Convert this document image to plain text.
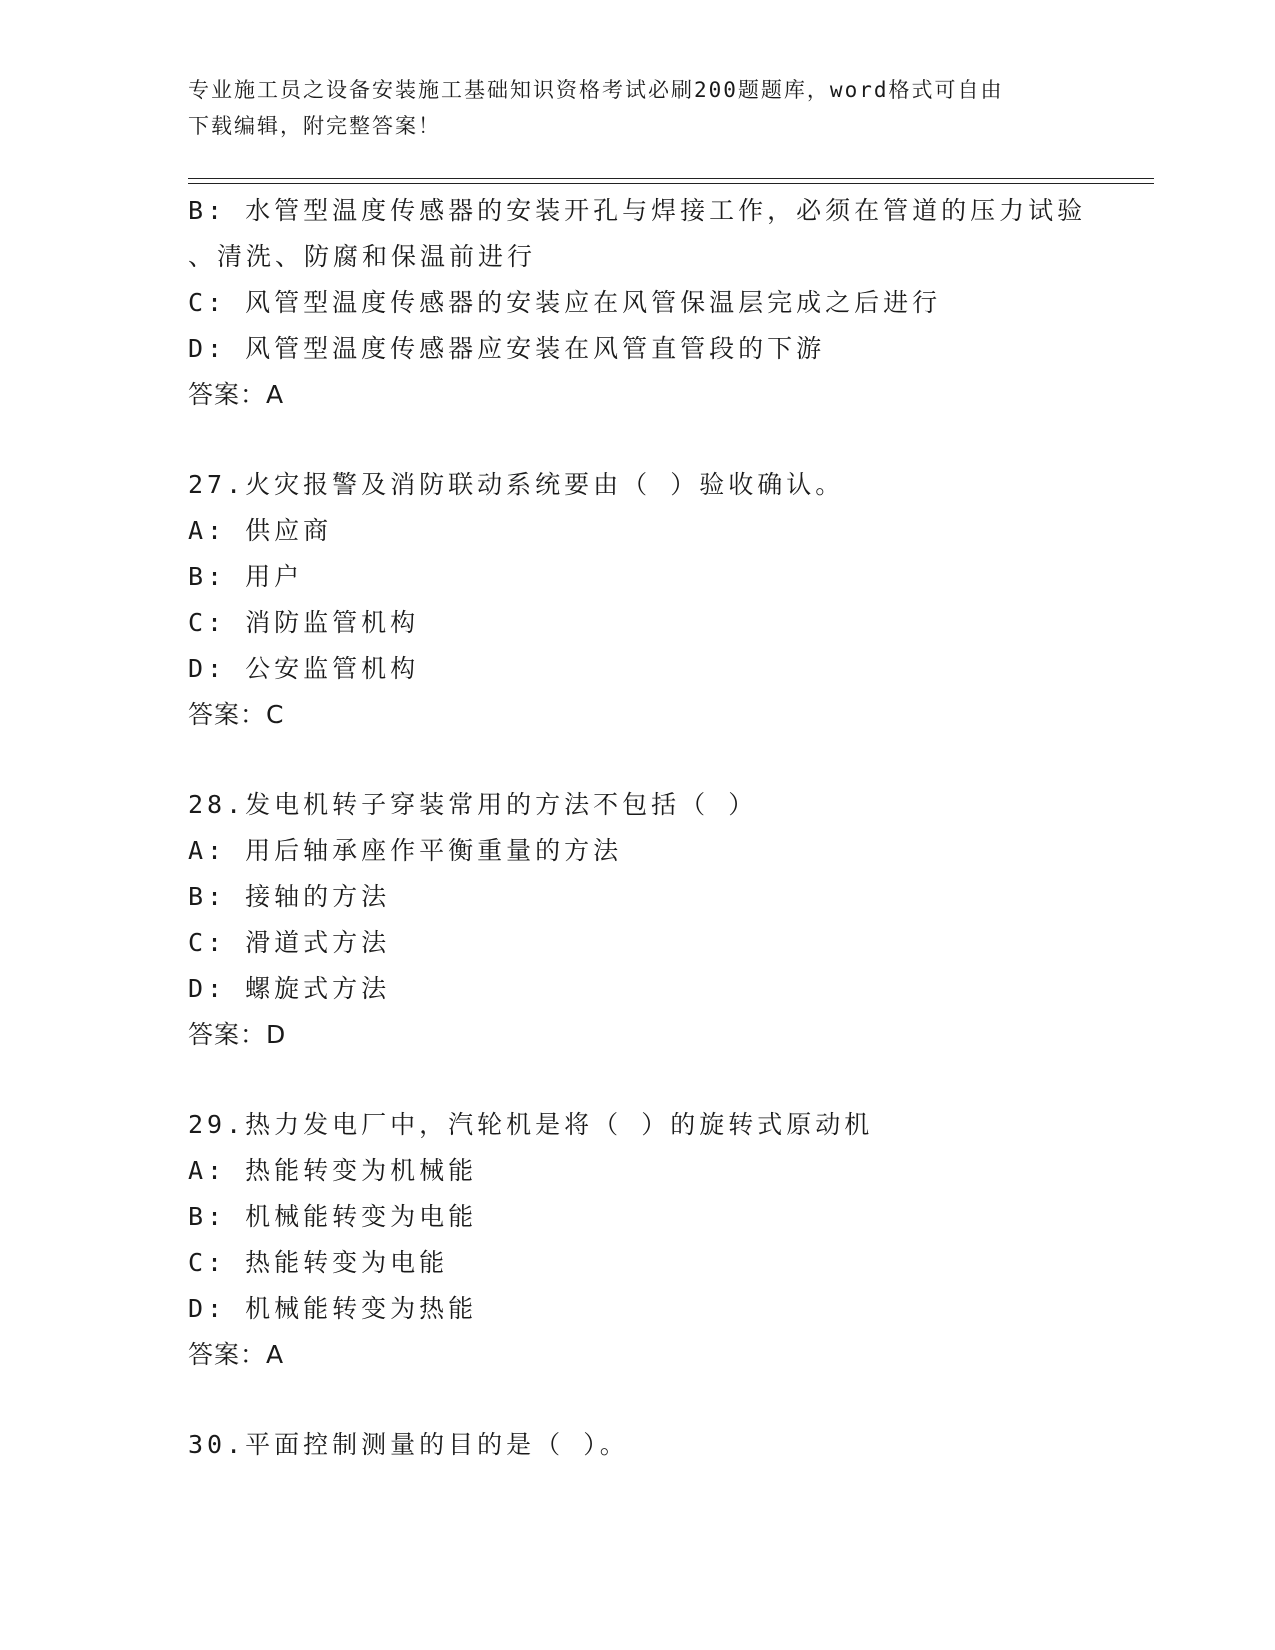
专业施工员之设备安装施工基础知识资格考试必刷200题题库，word格式可自由
下载编辑，附完整答案！
B: 水管型温度传感器的安装开孔与焊接工作，必须在管道的压力试验
、清洗、防腐和保温前进行
C: 风管型温度传感器的安装应在风管保温层完成之后进行
D: 风管型温度传感器应安装在风管直管段的下游
答案：A
27.火灾报警及消防联动系统要由（ ）验收确认。
A: 供应商
B: 用户
C: 消防监管机构
D: 公安监管机构
答案：C
28.发电机转子穿装常用的方法不包括（ ）
A: 用后轴承座作平衡重量的方法
B: 接轴的方法
C: 滑道式方法
D: 螺旋式方法
答案：D
29.热力发电厂中，汽轮机是将（ ）的旋转式原动机
A: 热能转变为机械能
B: 机械能转变为电能
C: 热能转变为电能
D: 机械能转变为热能
答案：A
30.平面控制测量的目的是（ ）。
